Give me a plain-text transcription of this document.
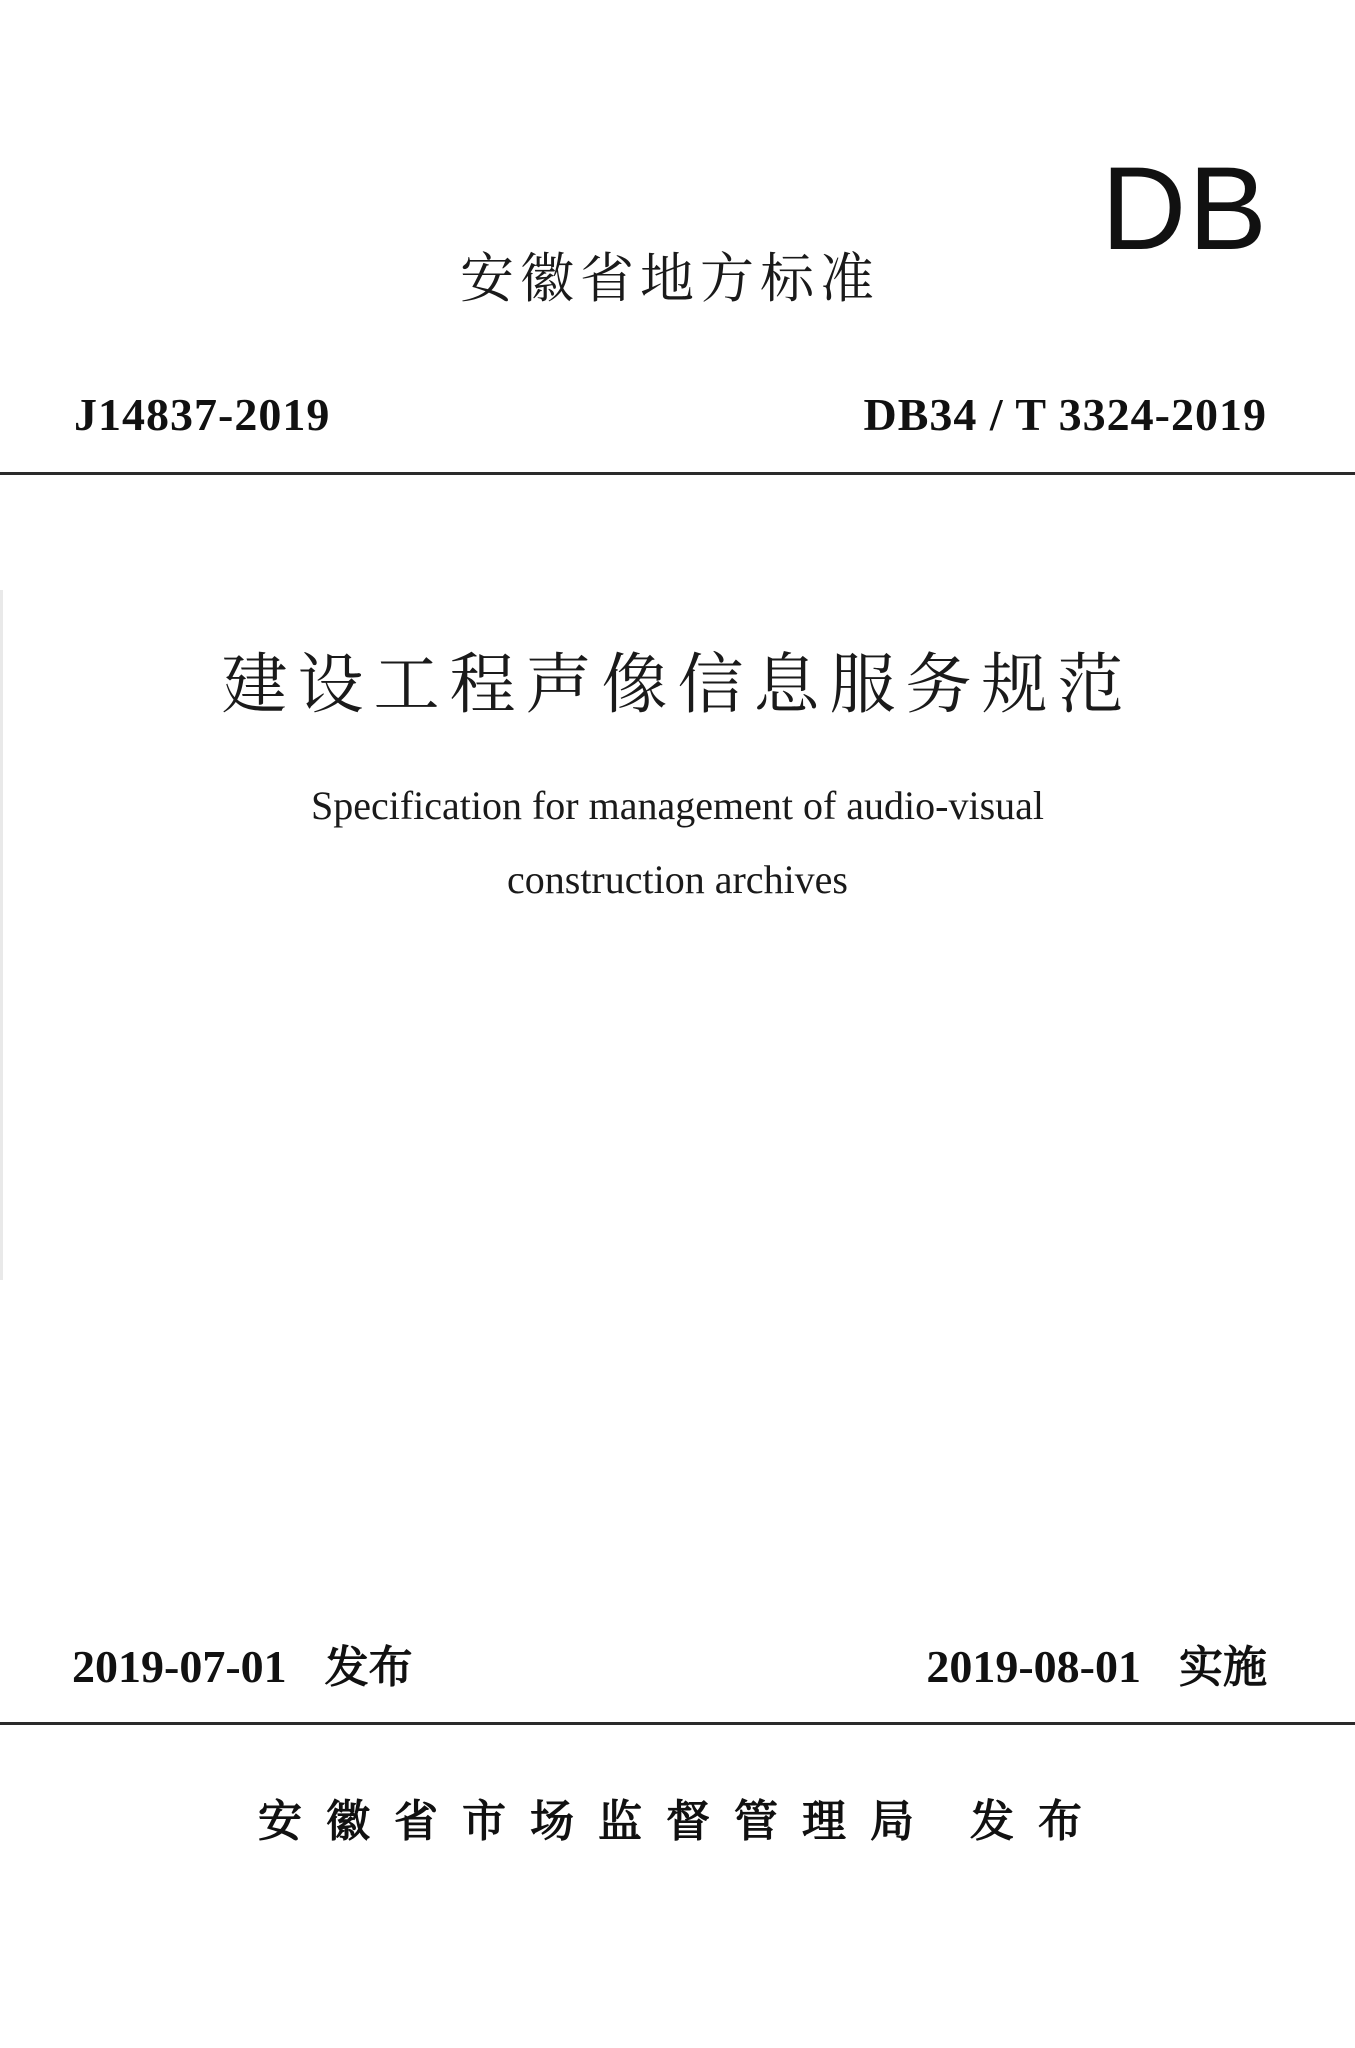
DB
安徽省地方标准
J14837-2019	DB34 / T 3324-2019
建设工程声像信息服务规范
Specification for management of audio-visual
construction archives
2019-07-01 发布	2019-08-01 实施
安 徽 省 市 场 监 督 管 理 局 发 布
